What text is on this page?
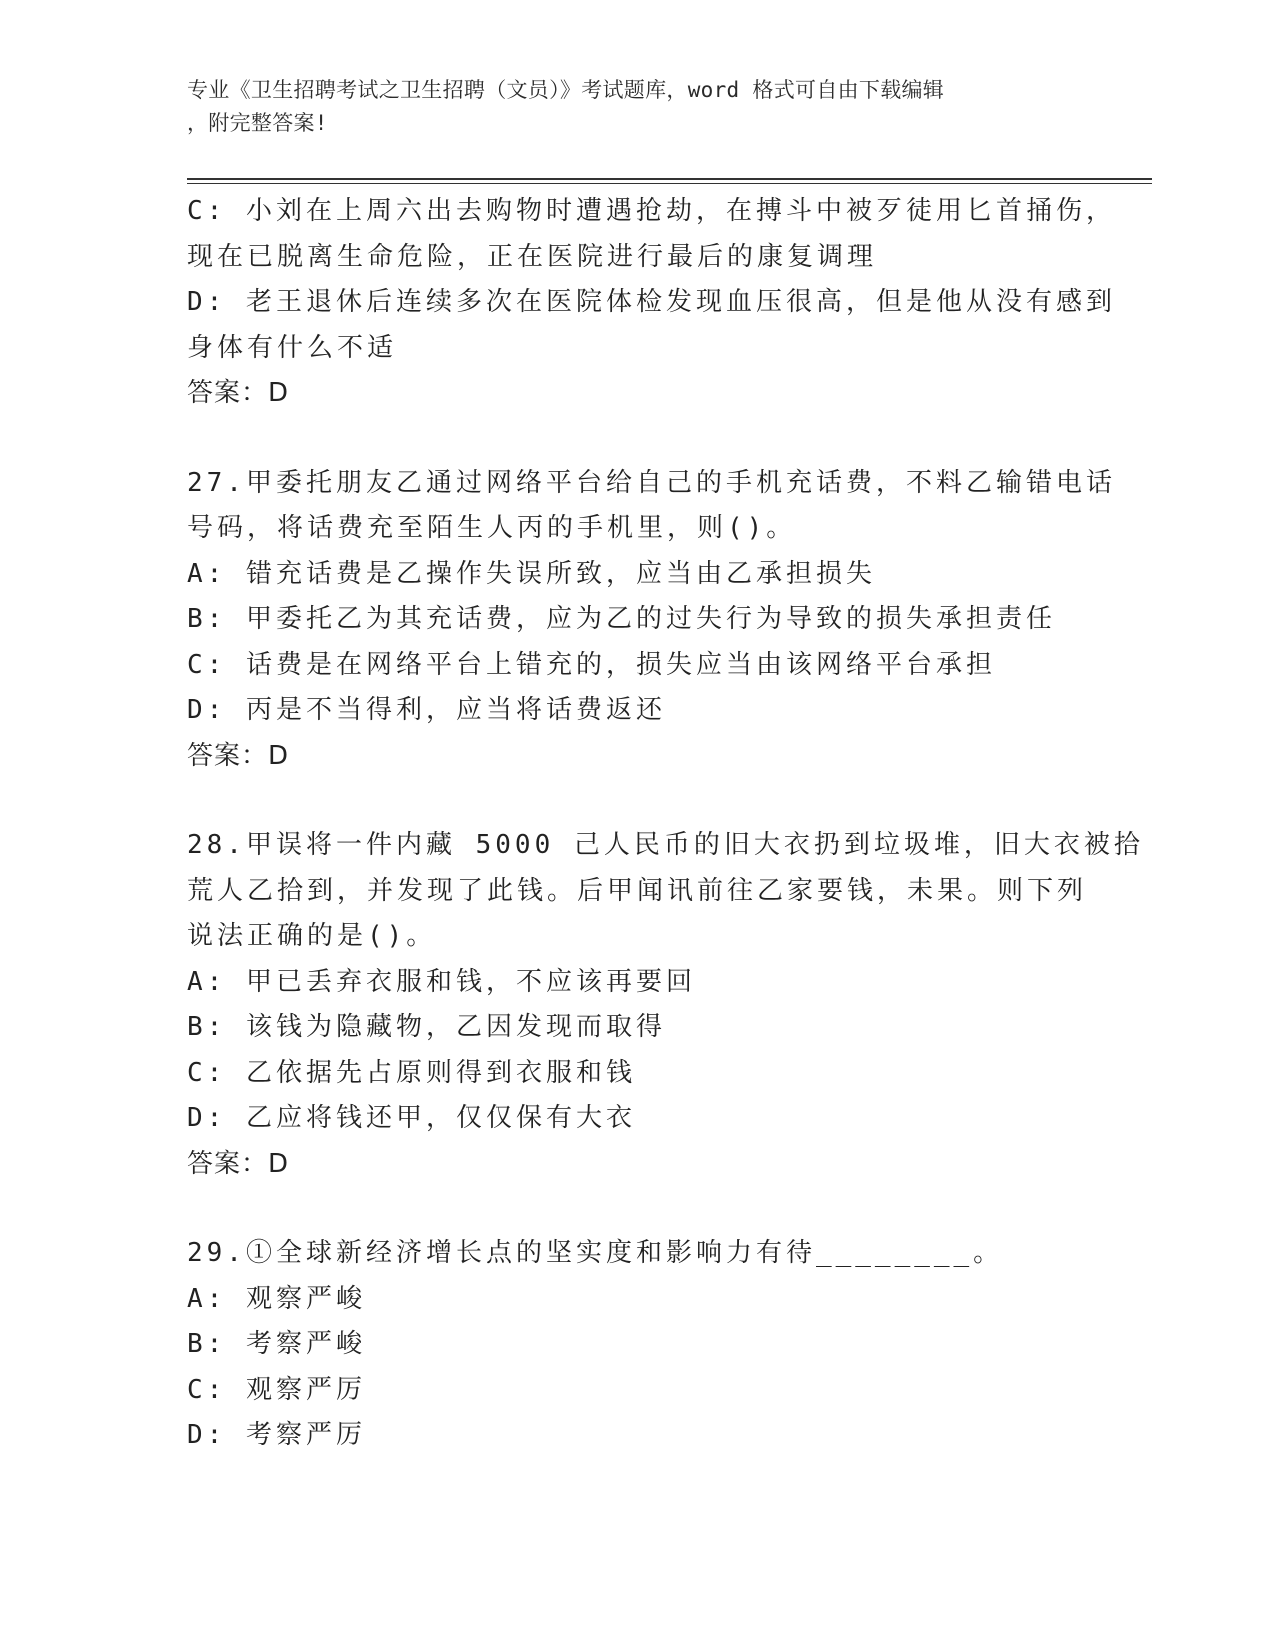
专业《卫生招聘考试之卫生招聘（文员）》考试题库，word 格式可自由下载编辑
，附完整答案!
C: 小刘在上周六出去购物时遭遇抢劫，在搏斗中被歹徒用匕首捅伤，
现在已脱离生命危险，正在医院进行最后的康复调理
D: 老王退休后连续多次在医院体检发现血压很高，但是他从没有感到
身体有什么不适
答案：D
27.甲委托朋友乙通过网络平台给自己的手机充话费，不料乙输错电话
号码，将话费充至陌生人丙的手机里，则()。
A: 错充话费是乙操作失误所致，应当由乙承担损失
B: 甲委托乙为其充话费，应为乙的过失行为导致的损失承担责任
C: 话费是在网络平台上错充的，损失应当由该网络平台承担
D: 丙是不当得利，应当将话费返还
答案：D
28.甲误将一件内藏 5000 己人民币的旧大衣扔到垃圾堆，旧大衣被拾
荒人乙拾到，并发现了此钱。后甲闻讯前往乙家要钱，未果。则下列
说法正确的是()。
A: 甲已丢弃衣服和钱，不应该再要回
B: 该钱为隐藏物，乙因发现而取得
C: 乙依据先占原则得到衣服和钱
D: 乙应将钱还甲，仅仅保有大衣
答案：D
29.①全球新经济增长点的坚实度和影响力有待________。
A: 观察严峻
B: 考察严峻
C: 观察严厉
D: 考察严厉
